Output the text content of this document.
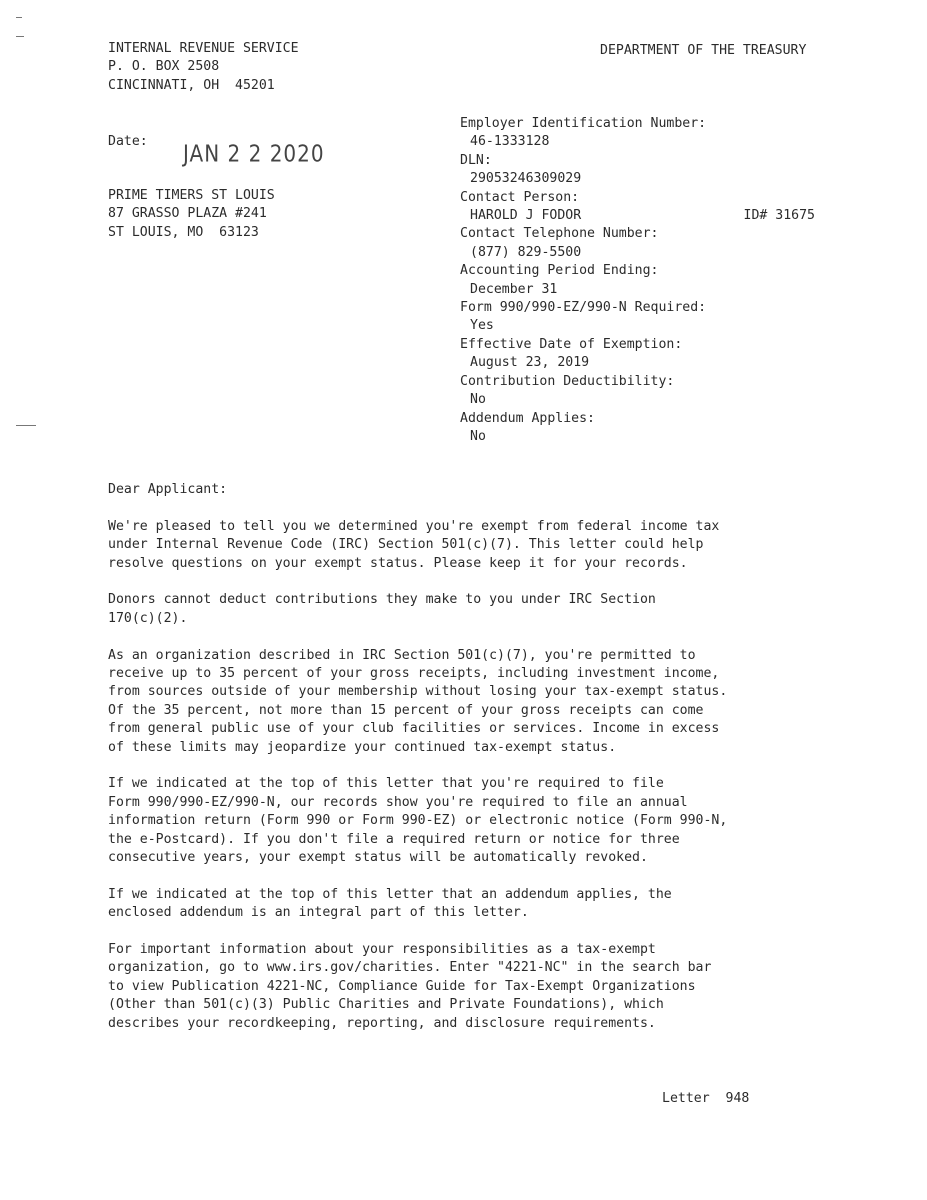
INTERNAL REVENUE SERVICE
P. O. BOX 2508
CINCINNATI, OH  45201
DEPARTMENT OF THE TREASURY
Date: JAN 2 2 2020
PRIME TIMERS ST LOUIS
87 GRASSO PLAZA #241
ST LOUIS, MO  63123
Employer Identification Number:
46-1333128
DLN:
29053246309029
Contact Person:
HAROLD J FODOR	ID# 31675
Contact Telephone Number:
(877) 829-5500
Accounting Period Ending:
December 31
Form 990/990-EZ/990-N Required:
Yes
Effective Date of Exemption:
August 23, 2019
Contribution Deductibility:
No
Addendum Applies:
No
Dear Applicant:
We're pleased to tell you we determined you're exempt from federal income tax
under Internal Revenue Code (IRC) Section 501(c)(7). This letter could help
resolve questions on your exempt status. Please keep it for your records.
Donors cannot deduct contributions they make to you under IRC Section
170(c)(2).
As an organization described in IRC Section 501(c)(7), you're permitted to
receive up to 35 percent of your gross receipts, including investment income,
from sources outside of your membership without losing your tax-exempt status.
Of the 35 percent, not more than 15 percent of your gross receipts can come
from general public use of your club facilities or services. Income in excess
of these limits may jeopardize your continued tax-exempt status.
If we indicated at the top of this letter that you're required to file
Form 990/990-EZ/990-N, our records show you're required to file an annual
information return (Form 990 or Form 990-EZ) or electronic notice (Form 990-N,
the e-Postcard). If you don't file a required return or notice for three
consecutive years, your exempt status will be automatically revoked.
If we indicated at the top of this letter that an addendum applies, the
enclosed addendum is an integral part of this letter.
For important information about your responsibilities as a tax-exempt
organization, go to www.irs.gov/charities. Enter "4221-NC" in the search bar
to view Publication 4221-NC, Compliance Guide for Tax-Exempt Organizations
(Other than 501(c)(3) Public Charities and Private Foundations), which
describes your recordkeeping, reporting, and disclosure requirements.
Letter  948
